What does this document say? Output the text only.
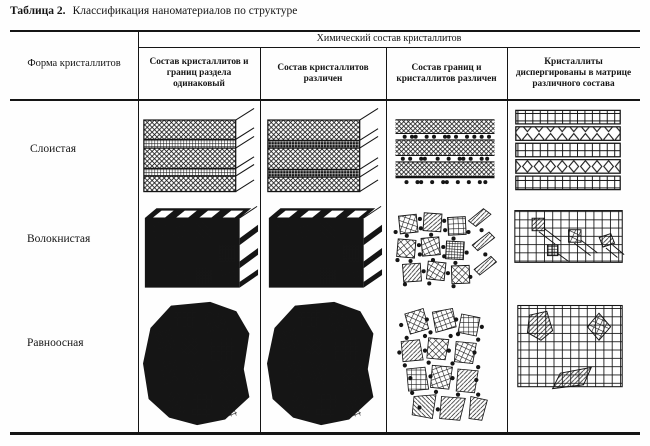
Таблица 2. Классификация наноматериалов по структуре
Форма кристаллитов
Химический состав кристаллитов
Состав кристаллитов и границ раздела одинаковый
Состав кристаллитов различен
Состав границ и кристаллитов различен
Кристаллиты диспергированы в матрице различного состава
Слоистая
Волокнистая
Равноосная
